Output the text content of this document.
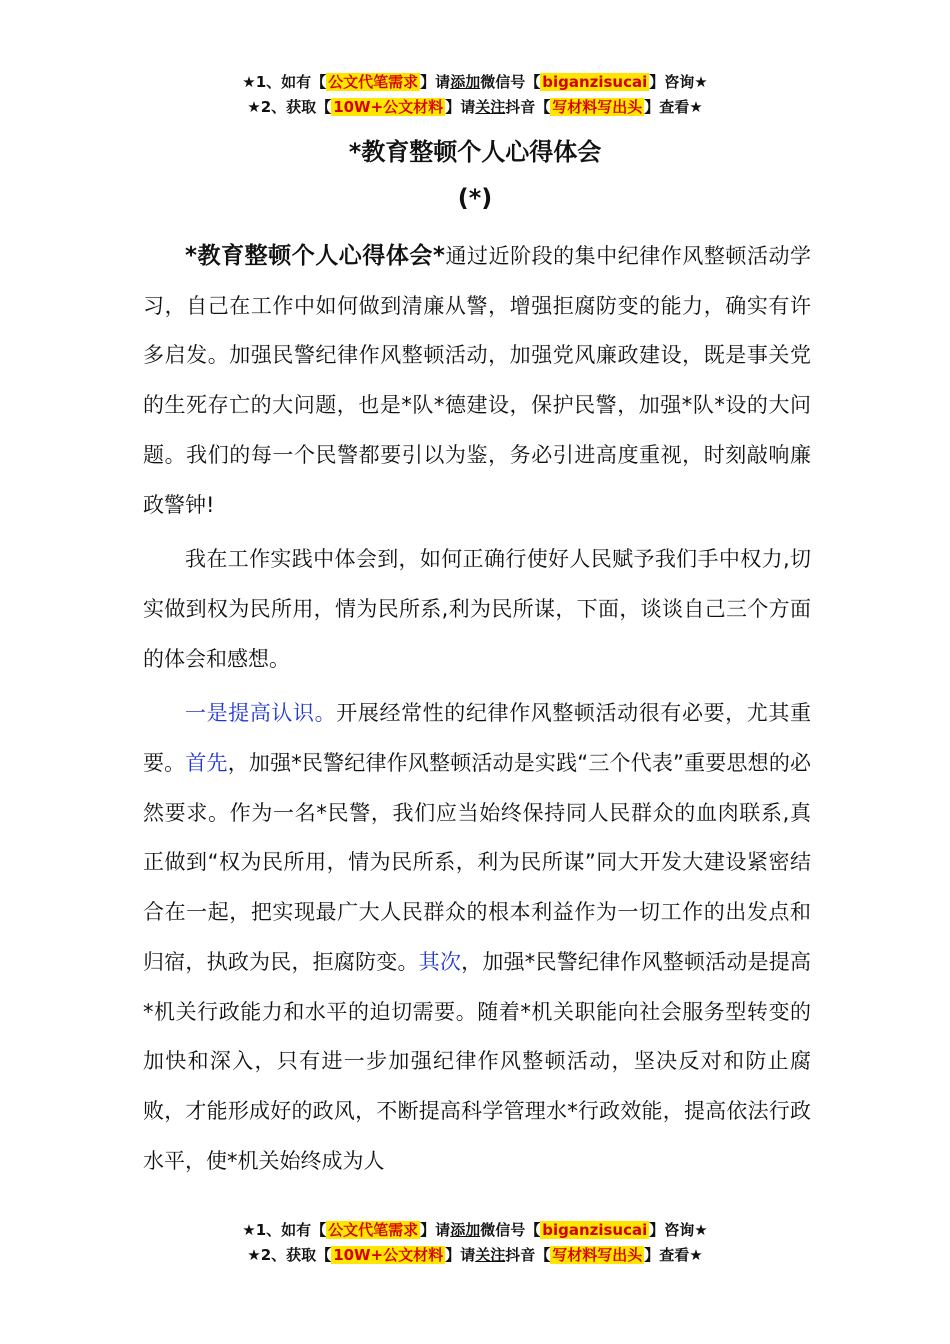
★1、如有【 公文代笔需求 】请添加微信号【 biganzisucai 】咨询★
★2、获取【 10W+公文材料 】请关注抖音【 写材料写出头 】查看★
*教育整顿个人心得体会
(*)

*教育整顿个人心得体会*通过近阶段的集中纪律作风整顿活动学习，自己在工作中如何做到清廉从警，增强拒腐防变的能力，确实有许多启发。加强民警纪律作风整顿活动，加强党风廉政建设，既是事关党的生死存亡的大问题，也是*队*德建设，保护民警，加强*队*设的大问题。我们的每一个民警都要引以为鉴，务必引进高度重视，时刻敲响廉政警钟!

我在工作实践中体会到，如何正确行使好人民赋予我们手中权力,切实做到权为民所用，情为民所系,利为民所谋，下面，谈谈自己三个方面的体会和感想。

一是提高认识。开展经常性的纪律作风整顿活动很有必要，尤其重要。首先，加强*民警纪律作风整顿活动是实践“三个代表”重要思想的必然要求。作为一名*民警，我们应当始终保持同人民群众的血肉联系,真正做到“权为民所用，情为民所系，利为民所谋”同大开发大建设紧密结合在一起，把实现最广大人民群众的根本利益作为一切工作的出发点和归宿，执政为民，拒腐防变。其次，加强*民警纪律作风整顿活动是提高*机关行政能力和水平的迫切需要。随着*机关职能向社会服务型转变的加快和深入，只有进一步加强纪律作风整顿活动，坚决反对和防止腐败，才能形成好的政风，不断提高科学管理水*行政效能，提高依法行政水平，使*机关始终成为人

★1、如有【 公文代笔需求 】请添加微信号【 biganzisucai 】咨询★
★2、获取【 10W+公文材料 】请关注抖音【 写材料写出头 】查看★
